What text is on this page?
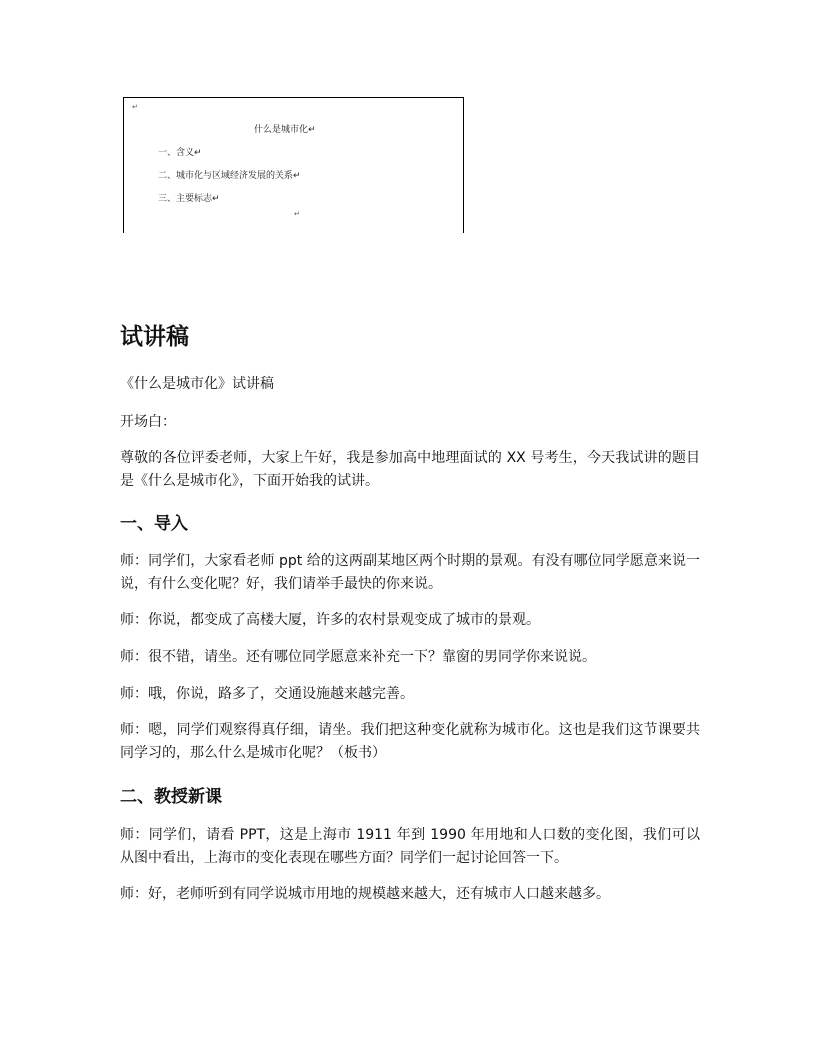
↵
什么是城市化↵
一、含义↵
二、城市化与区域经济发展的关系↵
三、主要标志↵
↵
试讲稿

《什么是城市化》试讲稿

开场白：

尊敬的各位评委老师，大家上午好，我是参加高中地理面试的 XX 号考生，今天我试讲的题目是《什么是城市化》，下面开始我的试讲。

一、导入

师：同学们，大家看老师 ppt 给的这两副某地区两个时期的景观。有没有哪位同学愿意来说一说，有什么变化呢？好，我们请举手最快的你来说。

师：你说，都变成了高楼大厦，许多的农村景观变成了城市的景观。

师：很不错，请坐。还有哪位同学愿意来补充一下？靠窗的男同学你来说说。

师：哦，你说，路多了，交通设施越来越完善。

师：嗯，同学们观察得真仔细，请坐。我们把这种变化就称为城市化。这也是我们这节课要共同学习的，那么什么是城市化呢？（板书）

二、教授新课

师：同学们，请看 PPT，这是上海市 1911 年到 1990 年用地和人口数的变化图，我们可以从图中看出，上海市的变化表现在哪些方面？同学们一起讨论回答一下。

师：好，老师听到有同学说城市用地的规模越来越大，还有城市人口越来越多。
